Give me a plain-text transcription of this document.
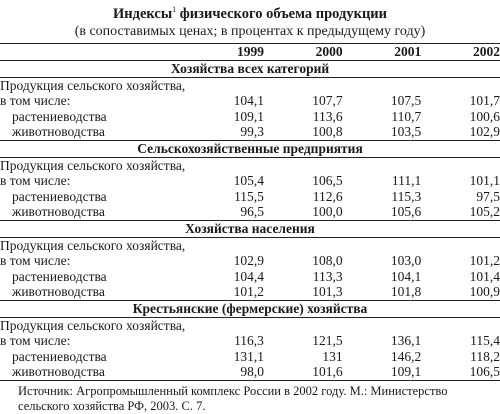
Индексы$^1$ физического объема продукции
(в сопоставимых ценах; в процентах к предыдущему году)
	1999	2000	2001	2002
Хозяйства всех категорий				
Продукция сельского хозяйства,				
в том числе:	104,1	107,7	107,5	101,7
растениеводства	109,1	113,6	110,7	100,6
животноводства	99,3	100,8	103,5	102,9
Сельскохозяйственные предприятия				
Продукция сельского хозяйства,				
в том числе:	105,4	106,5	111,1	101,1
растениеводства	115,5	112,6	115,3	97,5
животноводства	96,5	100,0	105,6	105,2
Хозяйства населения				
Продукция сельского хозяйства,				
в том числе:	102,9	108,0	103,0	101,2
растениеводства	104,4	113,3	104,1	101,4
животноводства	101,2	101,3	101,8	100,9
Крестьянские (фермерские) хозяйства				
Продукция сельского хозяйства,				
в том числе:	116,3	121,5	136,1	115,4
растениеводства	131,1	131	146,2	118,2
животноводства	98,0	101,6	109,1	106,5
Источник: Агропромышленный комплекс России в 2002 году. М.: Министерство сельского хозяйства РФ, 2003. С. 7.
